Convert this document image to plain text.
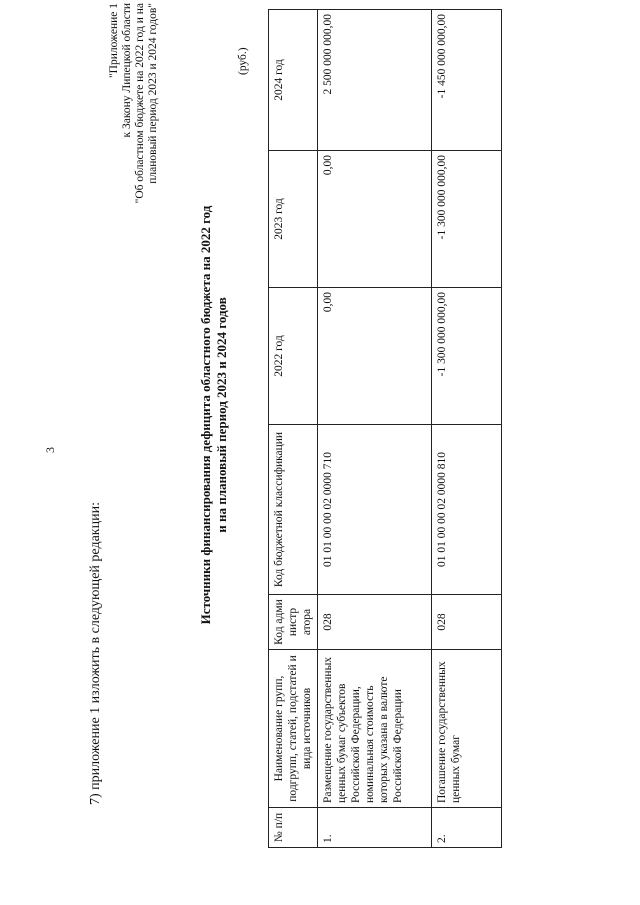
3
7) приложение 1 изложить в следующей редакции:
"Приложение 1 к Закону Липецкой области "Об областном бюджете на 2022 год и на плановый период 2023 и 2024 годов"
Источники финансирования дефицита областного бюджета на 2022 год и на плановый период 2023 и 2024 годов
(руб.)
№ п/п	Наименование групп, подгрупп, статей, подстатей и вида источников	Код адми нистр атора	Код бюджетной классификации	2022 год	2023 год	2024 год
1.	Размещение государственных ценных бумаг субъектов Российской Федерации, номинальная стоимость которых указана в валюте Российской Федерации	028	01 01 00 00 02 0000 710	0,00	0,00	2 500 000 000,00
2.	Погашение государственных ценных бумаг	028	01 01 00 00 02 0000 810	-1 300 000 000,00	-1 300 000 000,00	-1 450 000 000,00
